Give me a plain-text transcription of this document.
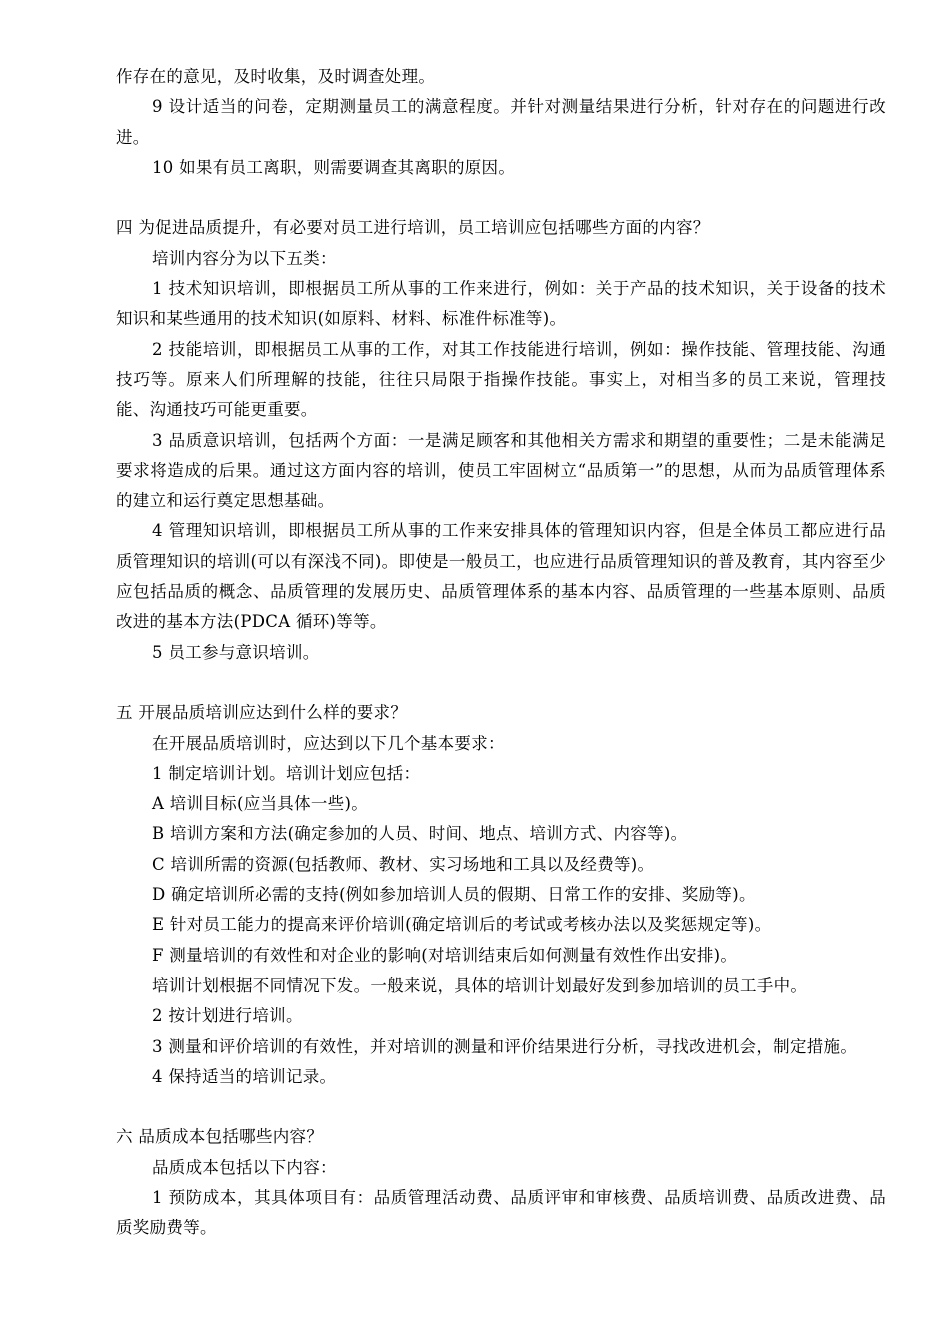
作存在的意见，及时收集，及时调查处理。

9 设计适当的问卷，定期测量员工的满意程度。并针对测量结果进行分析，针对存在的问题进行改进。

10 如果有员工离职，则需要调查其离职的原因。

四 为促进品质提升，有必要对员工进行培训，员工培训应包括哪些方面的内容？

培训内容分为以下五类：

1 技术知识培训，即根据员工所从事的工作来进行，例如：关于产品的技术知识，关于设备的技术知识和某些通用的技术知识(如原料、材料、标准件标准等)。

2 技能培训，即根据员工从事的工作，对其工作技能进行培训，例如：操作技能、管理技能、沟通技巧等。原来人们所理解的技能，往往只局限于指操作技能。事实上，对相当多的员工来说，管理技能、沟通技巧可能更重要。

3 品质意识培训，包括两个方面：一是满足顾客和其他相关方需求和期望的重要性；二是未能满足要求将造成的后果。通过这方面内容的培训，使员工牢固树立“品质第一”的思想，从而为品质管理体系的建立和运行奠定思想基础。

4 管理知识培训，即根据员工所从事的工作来安排具体的管理知识内容，但是全体员工都应进行品质管理知识的培训(可以有深浅不同)。即使是一般员工，也应进行品质管理知识的普及教育，其内容至少应包括品质的概念、品质管理的发展历史、品质管理体系的基本内容、品质管理的一些基本原则、品质改进的基本方法(PDCA 循环)等等。

5 员工参与意识培训。

五 开展品质培训应达到什么样的要求？

在开展品质培训时，应达到以下几个基本要求：

1 制定培训计划。培训计划应包括：

A 培训目标(应当具体一些)。

B 培训方案和方法(确定参加的人员、时间、地点、培训方式、内容等)。

C 培训所需的资源(包括教师、教材、实习场地和工具以及经费等)。

D 确定培训所必需的支持(例如参加培训人员的假期、日常工作的安排、奖励等)。

E 针对员工能力的提高来评价培训(确定培训后的考试或考核办法以及奖惩规定等)。

F 测量培训的有效性和对企业的影响(对培训结束后如何测量有效性作出安排)。

培训计划根据不同情况下发。一般来说，具体的培训计划最好发到参加培训的员工手中。

2 按计划进行培训。

3 测量和评价培训的有效性，并对培训的测量和评价结果进行分析，寻找改进机会，制定措施。

4 保持适当的培训记录。

六 品质成本包括哪些内容？

品质成本包括以下内容：

1 预防成本，其具体项目有：品质管理活动费、品质评审和审核费、品质培训费、品质改进费、品质奖励费等。
